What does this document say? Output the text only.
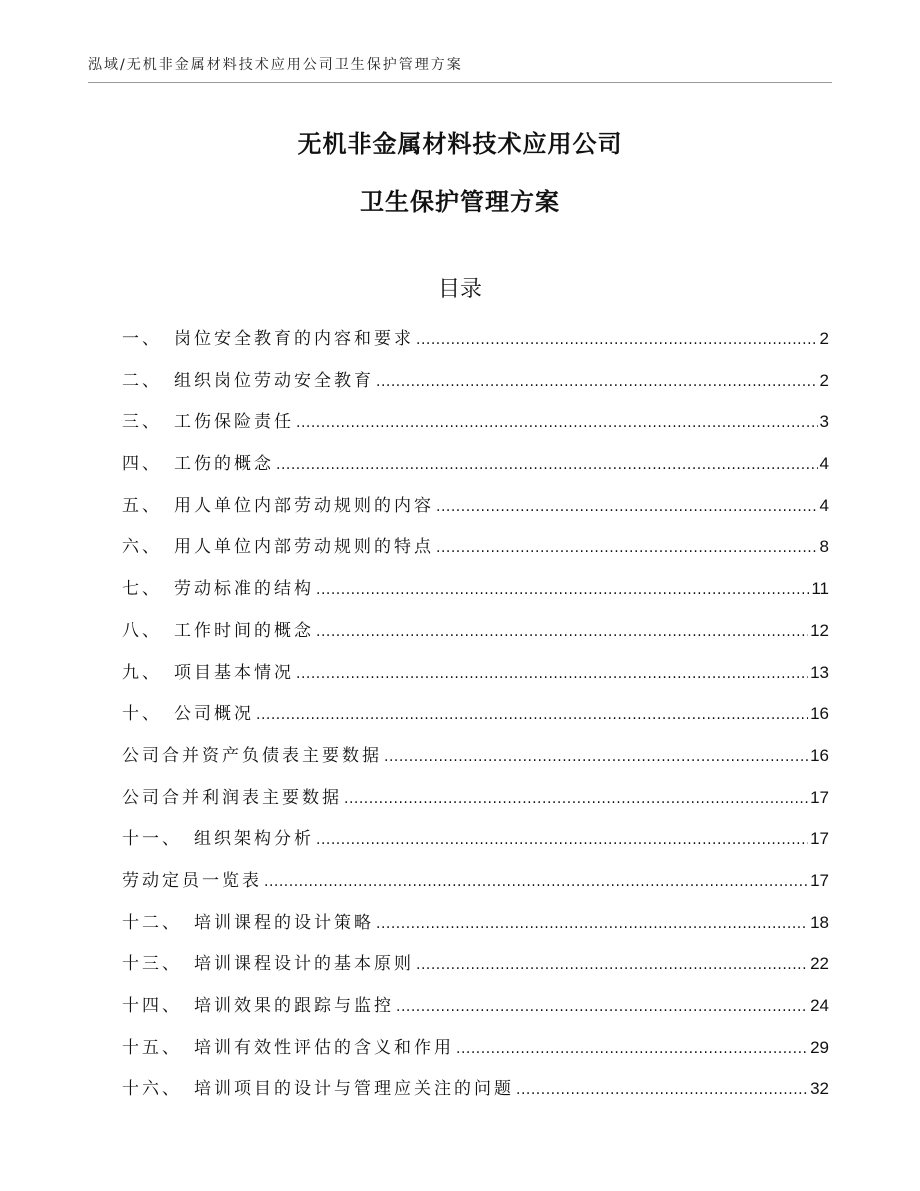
泓域/无机非金属材料技术应用公司卫生保护管理方案
无机非金属材料技术应用公司
卫生保护管理方案
目录
一、 岗位安全教育的内容和要求 .....	2
二、 组织岗位劳动安全教育 .....	2
三、 工伤保险责任 .....	3
四、 工伤的概念 .....	4
五、 用人单位内部劳动规则的内容 .....	4
六、 用人单位内部劳动规则的特点 .....	8
七、 劳动标准的结构 .....	11
八、 工作时间的概念 .....	12
九、 项目基本情况 .....	13
十、 公司概况 .....	16
公司合并资产负债表主要数据 .....	16
公司合并利润表主要数据 .....	17
十一、 组织架构分析 .....	17
劳动定员一览表 .....	17
十二、 培训课程的设计策略 .....	18
十三、 培训课程设计的基本原则 .....	22
十四、 培训效果的跟踪与监控 .....	24
十五、 培训有效性评估的含义和作用 .....	29
十六、 培训项目的设计与管理应关注的问题 .....	32
